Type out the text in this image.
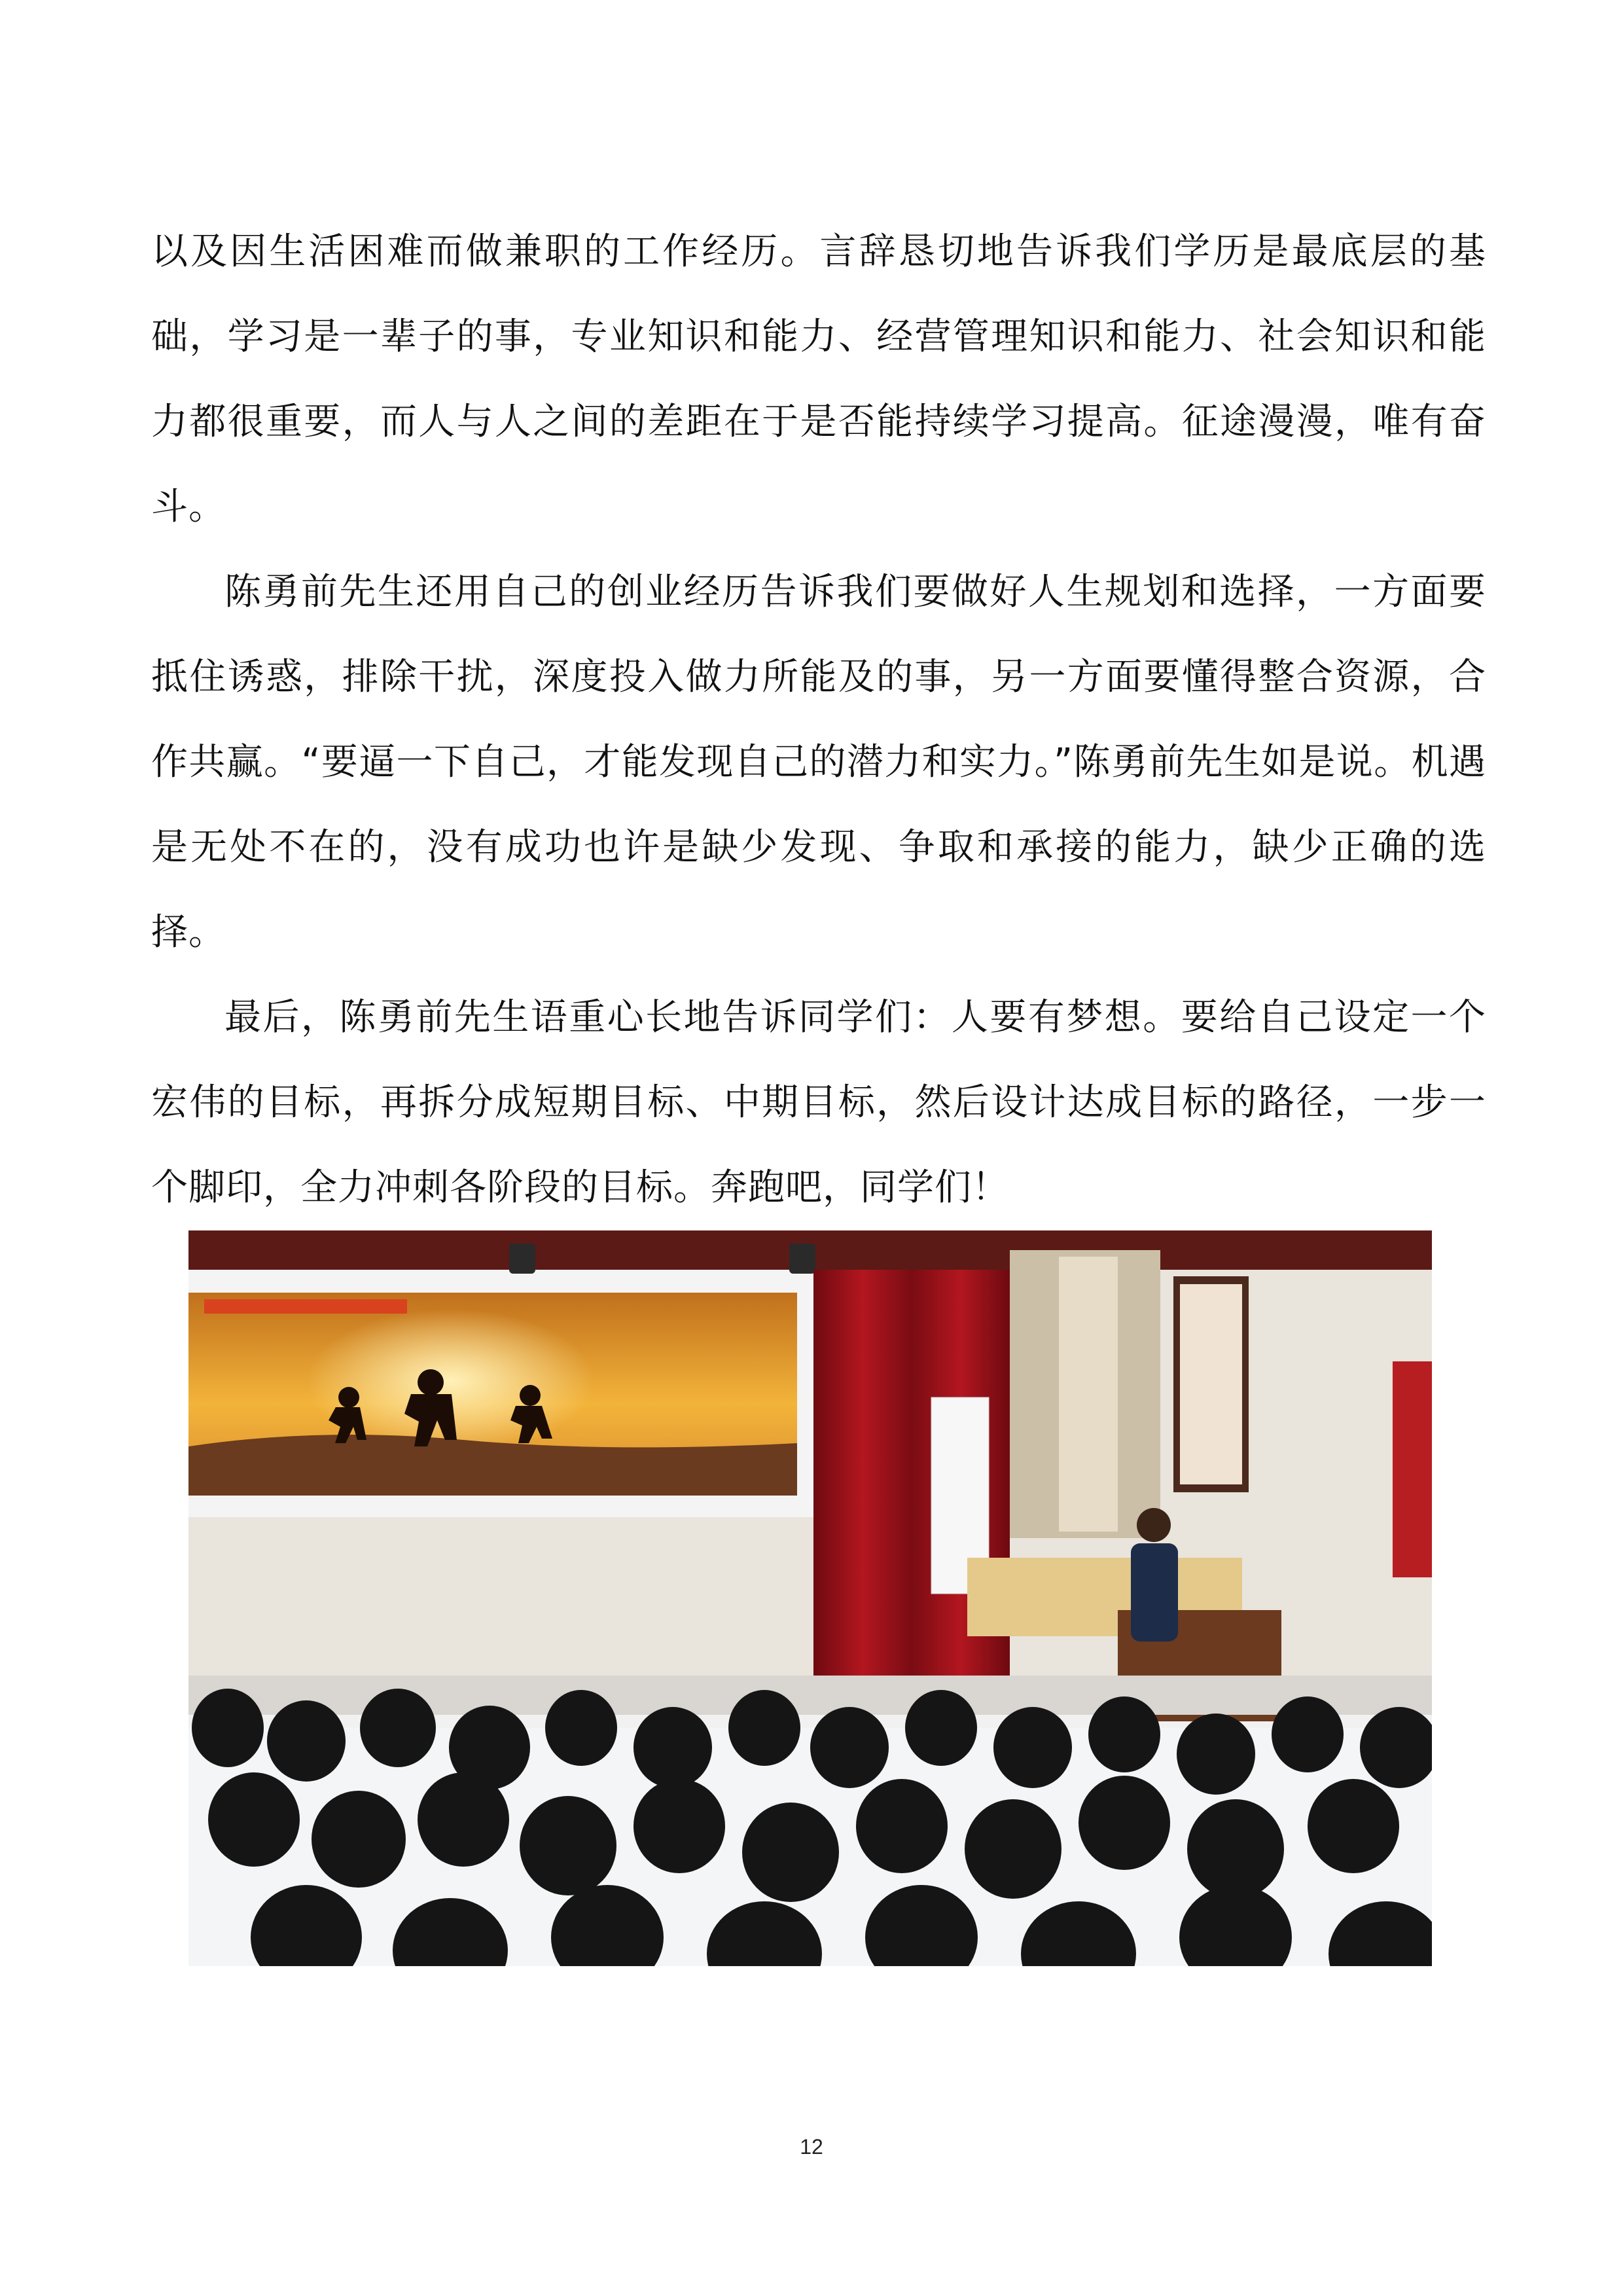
以及因生活困难而做兼职的工作经历。言辞恳切地告诉我们学历是最底层的基础，学习是一辈子的事，专业知识和能力、经营管理知识和能力、社会知识和能力都很重要，而人与人之间的差距在于是否能持续学习提高。征途漫漫，唯有奋斗。

陈勇前先生还用自己的创业经历告诉我们要做好人生规划和选择，一方面要抵住诱惑，排除干扰，深度投入做力所能及的事，另一方面要懂得整合资源，合作共赢。“要逼一下自己，才能发现自己的潜力和实力。”陈勇前先生如是说。机遇是无处不在的，没有成功也许是缺少发现、争取和承接的能力，缺少正确的选择。

最后，陈勇前先生语重心长地告诉同学们：人要有梦想。要给自己设定一个宏伟的目标，再拆分成短期目标、中期目标，然后设计达成目标的路径，一步一个脚印，全力冲刺各阶段的目标。奔跑吧，同学们！

12
